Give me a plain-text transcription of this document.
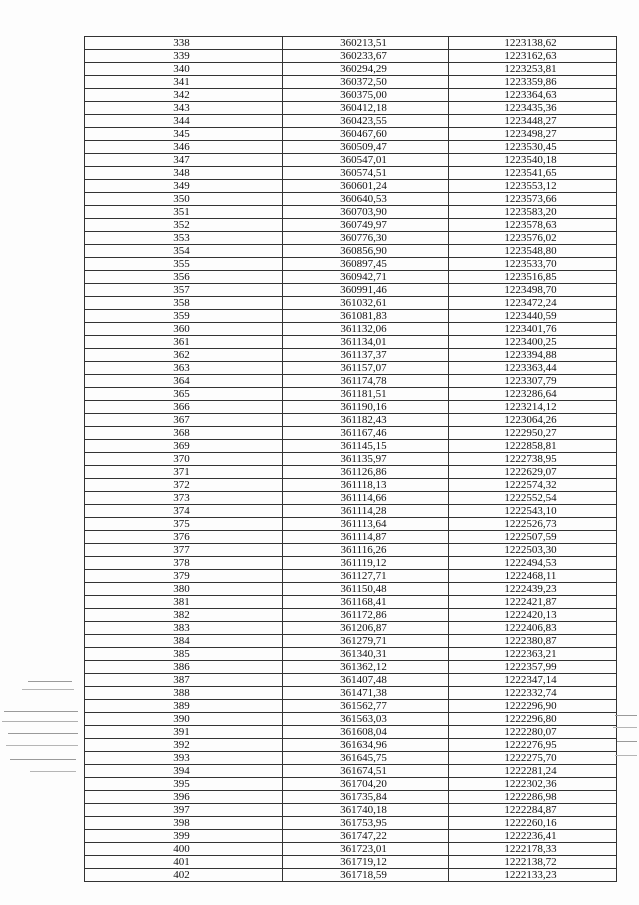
338	360213,51	1223138,62
339	360233,67	1223162,63
340	360294,29	1223253,81
341	360372,50	1223359,86
342	360375,00	1223364,63
343	360412,18	1223435,36
344	360423,55	1223448,27
345	360467,60	1223498,27
346	360509,47	1223530,45
347	360547,01	1223540,18
348	360574,51	1223541,65
349	360601,24	1223553,12
350	360640,53	1223573,66
351	360703,90	1223583,20
352	360749,97	1223578,63
353	360776,30	1223576,02
354	360856,90	1223548,80
355	360897,45	1223533,70
356	360942,71	1223516,85
357	360991,46	1223498,70
358	361032,61	1223472,24
359	361081,83	1223440,59
360	361132,06	1223401,76
361	361134,01	1223400,25
362	361137,37	1223394,88
363	361157,07	1223363,44
364	361174,78	1223307,79
365	361181,51	1223286,64
366	361190,16	1223214,12
367	361182,43	1223064,26
368	361167,46	1222950,27
369	361145,15	1222858,81
370	361135,97	1222738,95
371	361126,86	1222629,07
372	361118,13	1222574,32
373	361114,66	1222552,54
374	361114,28	1222543,10
375	361113,64	1222526,73
376	361114,87	1222507,59
377	361116,26	1222503,30
378	361119,12	1222494,53
379	361127,71	1222468,11
380	361150,48	1222439,23
381	361168,41	1222421,87
382	361172,86	1222420,13
383	361206,87	1222406,83
384	361279,71	1222380,87
385	361340,31	1222363,21
386	361362,12	1222357,99
387	361407,48	1222347,14
388	361471,38	1222332,74
389	361562,77	1222296,90
390	361563,03	1222296,80
391	361608,04	1222280,07
392	361634,96	1222276,95
393	361645,75	1222275,70
394	361674,51	1222281,24
395	361704,20	1222302,36
396	361735,84	1222286,98
397	361740,18	1222284,87
398	361753,95	1222260,16
399	361747,22	1222236,41
400	361723,01	1222178,33
401	361719,12	1222138,72
402	361718,59	1222133,23
